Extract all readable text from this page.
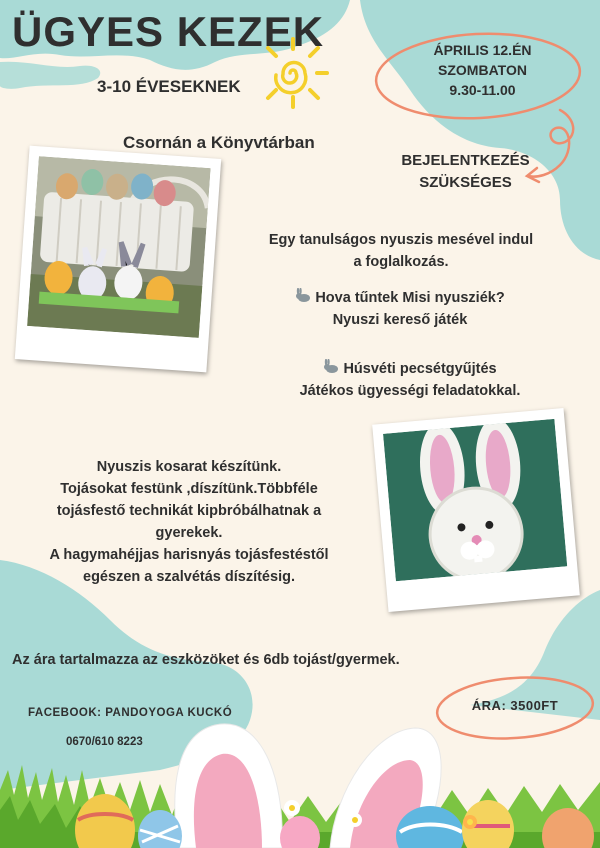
ÜGYES KEZEK
3-10 ÉVESEKNEK
Csornán a Könyvtárban
ÁPRILIS 12.ÉN
SZOMBATON
9.30-11.00
BEJELENTKEZÉS
SZÜKSÉGES
Egy tanulságos nyuszis mesével indul
a foglalkozás.
Hova tűntek Misi nyusziék?
Nyuszi kereső játék
Húsvéti pecsétgyűjtés
Játékos ügyességi feladatokkal.
Nyuszis kosarat készítünk.
Tojásokat festünk ,díszítünk.Többféle
tojásfestő technikát kipbróbálhatnak a
gyerekek.
A hagymahéjjas harisnyás tojásfestéstől
egészen a szalvétás díszítésig.
Az ára tartalmazza az eszközöket és 6db tojást/gyermek.
FACEBOOK: PANDOYOGA KUCKÓ
0670/610 8223
ÁRA: 3500FT
